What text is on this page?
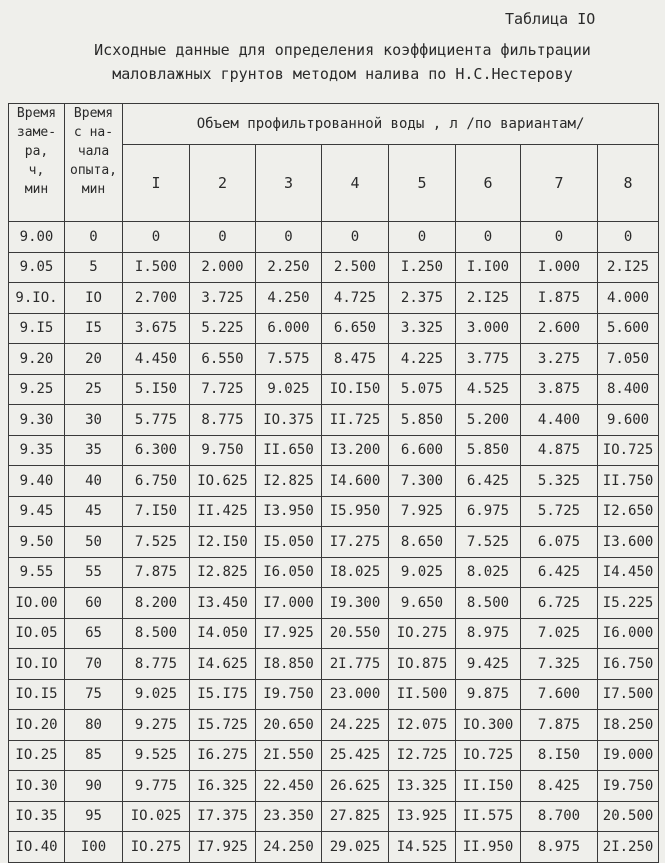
Таблица IO
Исходные данные для определения коэффициента фильтрации
маловлажных грунтов методом налива по Н.С.Нестерову
Время
заме-
ра,
ч,
мин	Время
с на-
чала
опыта,
мин	Объем профильтрованной воды , л /по вариантам/							
		I	2	3	4	5	6	7	8
9.00	0	0	0	0	0	0	0	0	0
9.05	5	I.500	2.000	2.250	2.500	I.250	I.I00	I.000	2.I25
9.IO.	IO	2.700	3.725	4.250	4.725	2.375	2.I25	I.875	4.000
9.I5	I5	3.675	5.225	6.000	6.650	3.325	3.000	2.600	5.600
9.20	20	4.450	6.550	7.575	8.475	4.225	3.775	3.275	7.050
9.25	25	5.I50	7.725	9.025	IO.I50	5.075	4.525	3.875	8.400
9.30	30	5.775	8.775	IO.375	II.725	5.850	5.200	4.400	9.600
9.35	35	6.300	9.750	II.650	I3.200	6.600	5.850	4.875	IO.725
9.40	40	6.750	IO.625	I2.825	I4.600	7.300	6.425	5.325	II.750
9.45	45	7.I50	II.425	I3.950	I5.950	7.925	6.975	5.725	I2.650
9.50	50	7.525	I2.I50	I5.050	I7.275	8.650	7.525	6.075	I3.600
9.55	55	7.875	I2.825	I6.050	I8.025	9.025	8.025	6.425	I4.450
IO.00	60	8.200	I3.450	I7.000	I9.300	9.650	8.500	6.725	I5.225
IO.05	65	8.500	I4.050	I7.925	20.550	IO.275	8.975	7.025	I6.000
IO.IO	70	8.775	I4.625	I8.850	2I.775	IO.875	9.425	7.325	I6.750
IO.I5	75	9.025	I5.I75	I9.750	23.000	II.500	9.875	7.600	I7.500
IO.20	80	9.275	I5.725	20.650	24.225	I2.075	IO.300	7.875	I8.250
IO.25	85	9.525	I6.275	2I.550	25.425	I2.725	IO.725	8.I50	I9.000
IO.30	90	9.775	I6.325	22.450	26.625	I3.325	II.I50	8.425	I9.750
IO.35	95	IO.025	I7.375	23.350	27.825	I3.925	II.575	8.700	20.500
IO.40	I00	IO.275	I7.925	24.250	29.025	I4.525	II.950	8.975	2I.250
